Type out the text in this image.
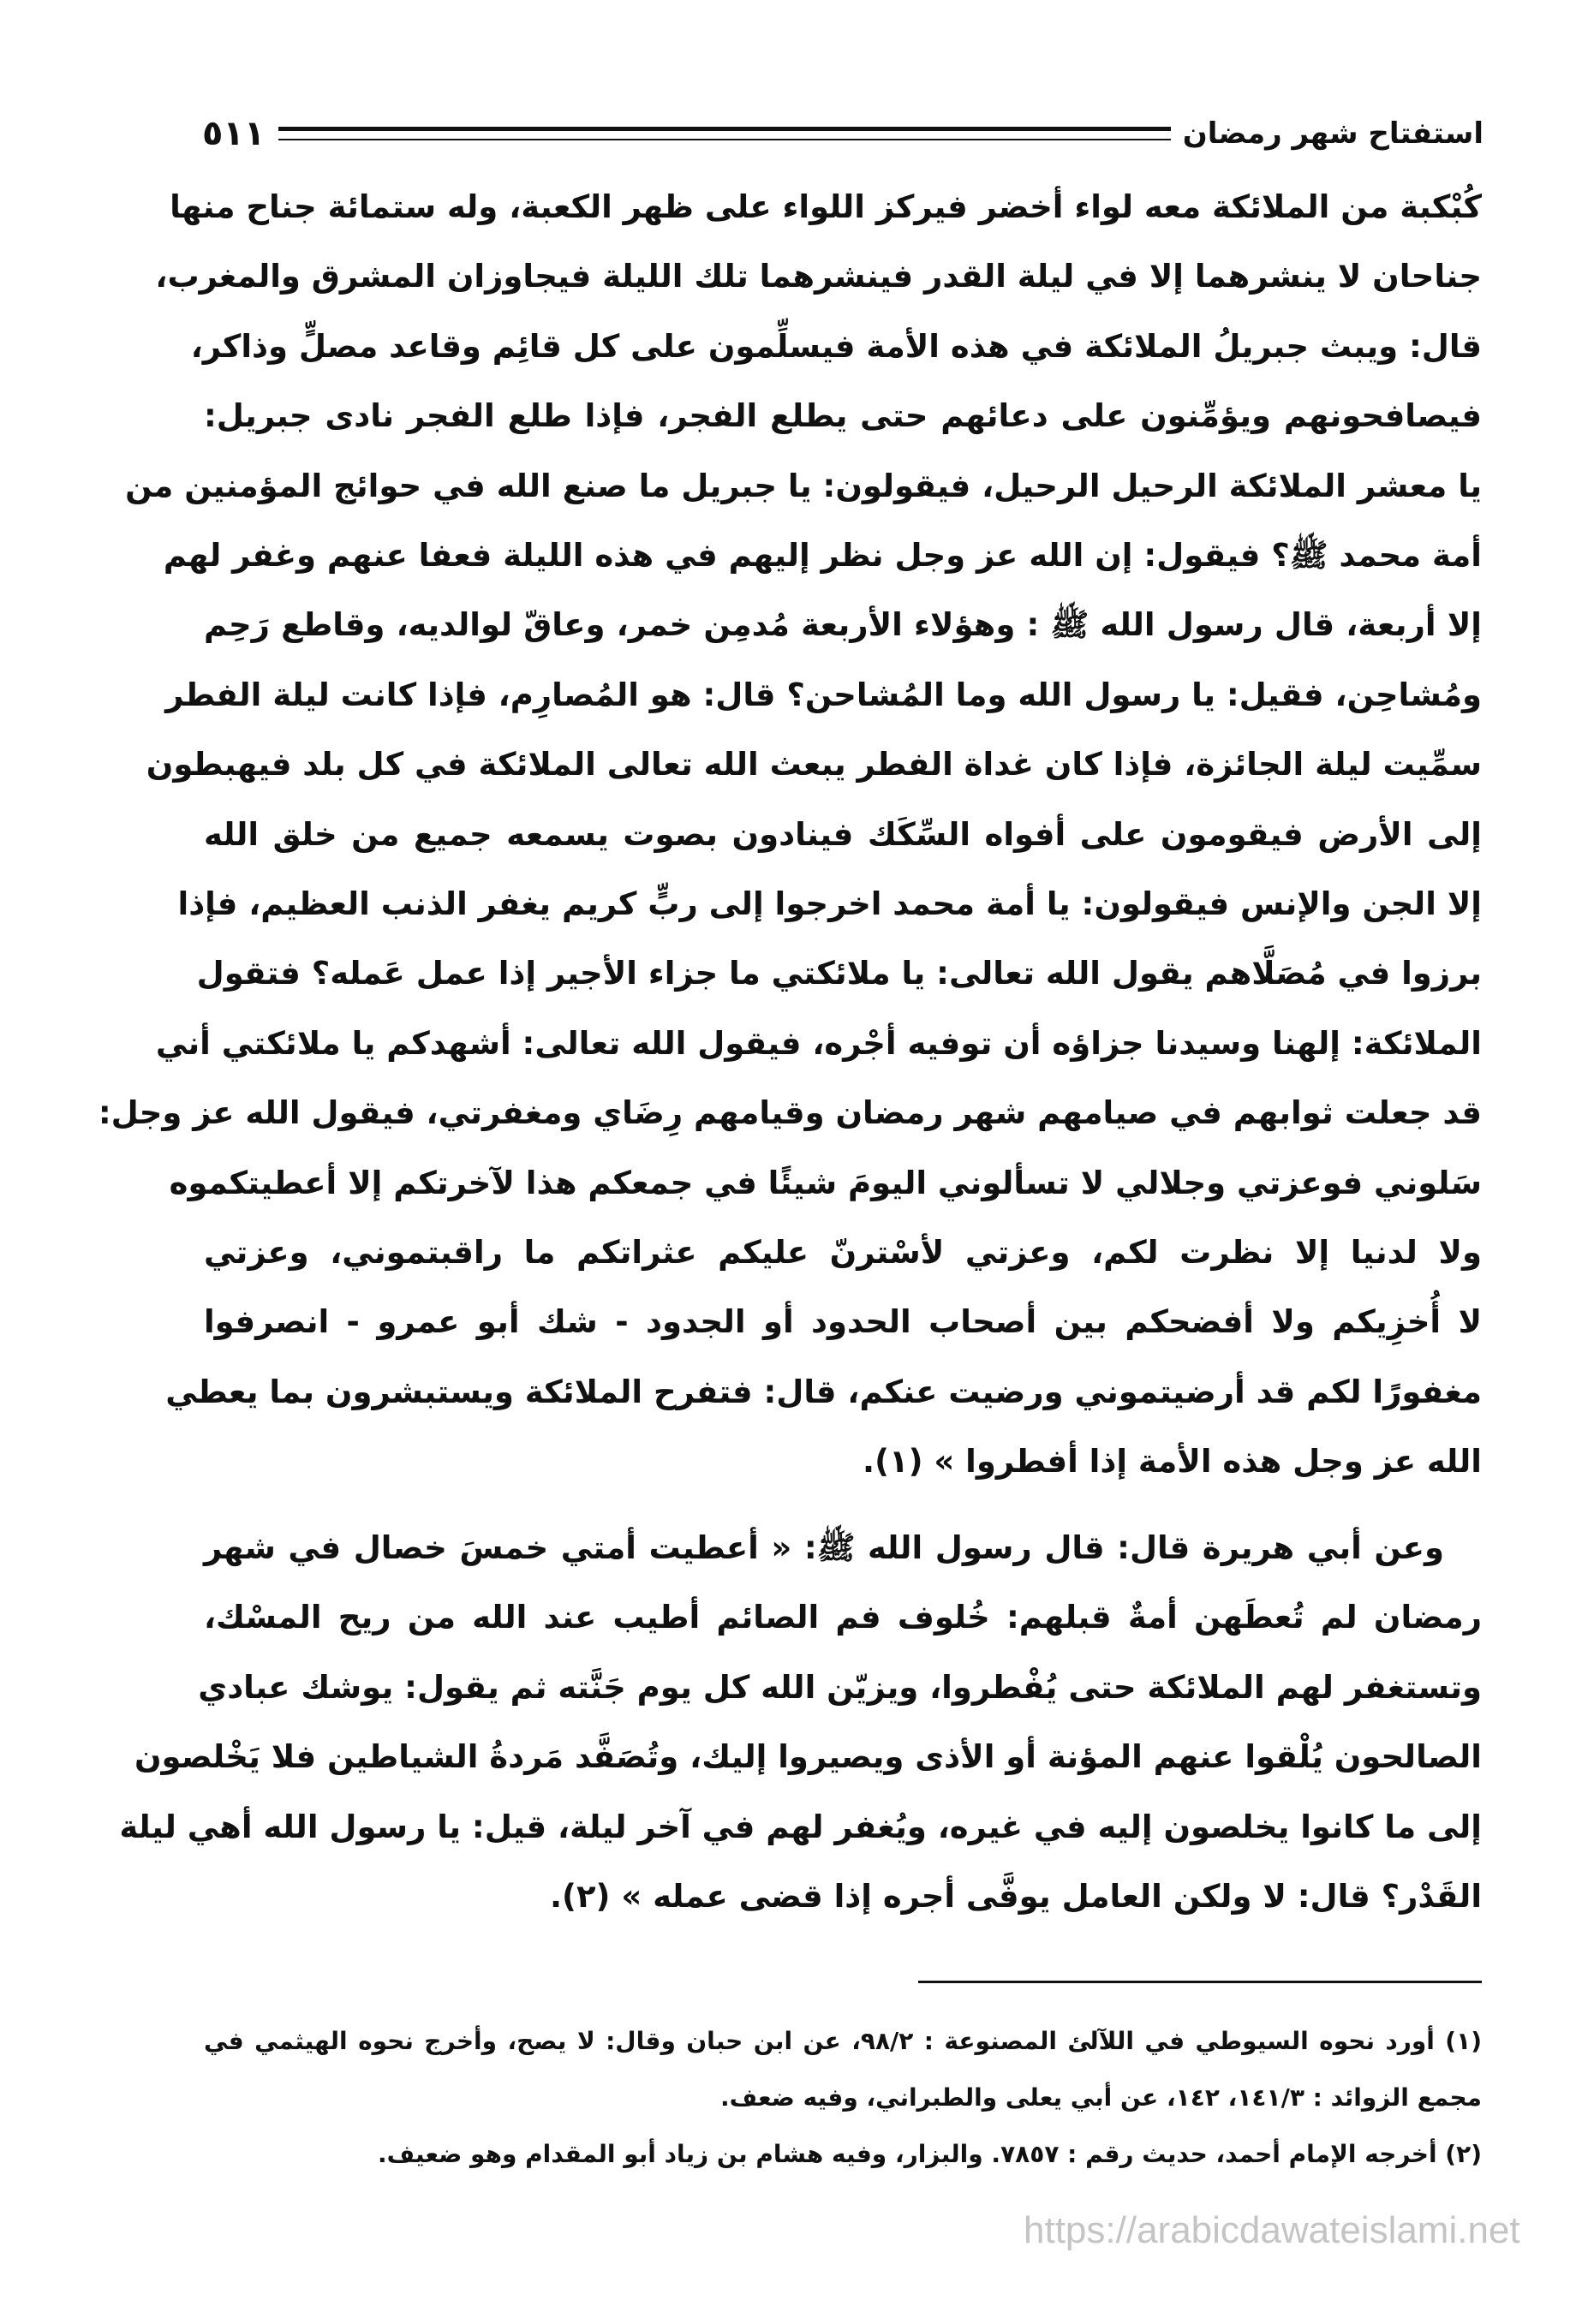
استفتاح شهر رمضان
٥١١
كُبْكبة من الملائكة معه لواء أخضر فيركز اللواء على ظهر الكعبة، وله ستمائة جناح منها
جناحان لا ينشرهما إلا في ليلة القدر فينشرهما تلك الليلة فيجاوزان المشرق والمغرب،
قال: ويبث جبريلُ الملائكة في هذه الأمة فيسلِّمون على كل قائِم وقاعد مصلٍّ وذاكر،
فيصافحونهم ويؤمِّنون على دعائهم حتى يطلع الفجر، فإذا طلع الفجر نادى جبريل:
يا معشر الملائكة الرحيل الرحيل، فيقولون: يا جبريل ما صنع الله في حوائج المؤمنين من
أمة محمد ﷺ؟ فيقول: إن الله عز وجل نظر إليهم في هذه الليلة فعفا عنهم وغفر لهم
إلا أربعة، قال رسول الله ﷺ : وهؤلاء الأربعة مُدمِن خمر، وعاقّ لوالديه، وقاطع رَحِم
ومُشاحِن، فقيل: يا رسول الله وما المُشاحن؟ قال: هو المُصارِم، فإذا كانت ليلة الفطر
سمِّيت ليلة الجائزة، فإذا كان غداة الفطر يبعث الله تعالى الملائكة في كل بلد فيهبطون
إلى الأرض فيقومون على أفواه السِّكَك فينادون بصوت يسمعه جميع من خلق الله
إلا الجن والإنس فيقولون: يا أمة محمد اخرجوا إلى ربٍّ كريم يغفر الذنب العظيم، فإذا
برزوا في مُصَلَّاهم يقول الله تعالى: يا ملائكتي ما جزاء الأجير إذا عمل عَمله؟ فتقول
الملائكة: إلهنا وسيدنا جزاؤه أن توفيه أجْره، فيقول الله تعالى: أشهدكم يا ملائكتي أني
قد جعلت ثوابهم في صيامهم شهر رمضان وقيامهم رِضَاي ومغفرتي، فيقول الله عز وجل:
سَلوني فوعزتي وجلالي لا تسألوني اليومَ شيئًا في جمعكم هذا لآخرتكم إلا أعطيتكموه
ولا لدنيا إلا نظرت لكم، وعزتي لأسْترنّ عليكم عثراتكم ما راقبتموني، وعزتي
لا أُخزِيكم ولا أفضحكم بين أصحاب الحدود أو الجدود - شك أبو عمرو - انصرفوا
مغفورًا لكم قد أرضيتموني ورضيت عنكم، قال: فتفرح الملائكة ويستبشرون بما يعطي
الله عز وجل هذه الأمة إذا أفطروا » (١).
وعن أبي هريرة قال: قال رسول الله ﷺ: « أعطيت أمتي خمسَ خصال في شهر
رمضان لم تُعطَهن أمةٌ قبلهم: خُلوف فم الصائم أطيب عند الله من ريح المسْك،
وتستغفر لهم الملائكة حتى يُفْطروا، ويزيّن الله كل يوم جَنَّته ثم يقول: يوشك عبادي
الصالحون يُلْقوا عنهم المؤنة أو الأذى ويصيروا إليك، وتُصَفَّد مَردةُ الشياطين فلا يَخْلصون
إلى ما كانوا يخلصون إليه في غيره، ويُغفر لهم في آخر ليلة، قيل: يا رسول الله أهي ليلة
القَدْر؟ قال: لا ولكن العامل يوفَّى أجره إذا قضى عمله » (٢).
(١) أورد نحوه السيوطي في اللآلئ المصنوعة : ٩٨/٢، عن ابن حبان وقال: لا يصح، وأخرج نحوه الهيثمي في
مجمع الزوائد : ١٤١/٣، ١٤٢، عن أبي يعلى والطبراني، وفيه ضعف.
(٢) أخرجه الإمام أحمد، حديث رقم : ٧٨٥٧. والبزار، وفيه هشام بن زياد أبو المقدام وهو ضعيف.
https://arabicdawateislami.net
